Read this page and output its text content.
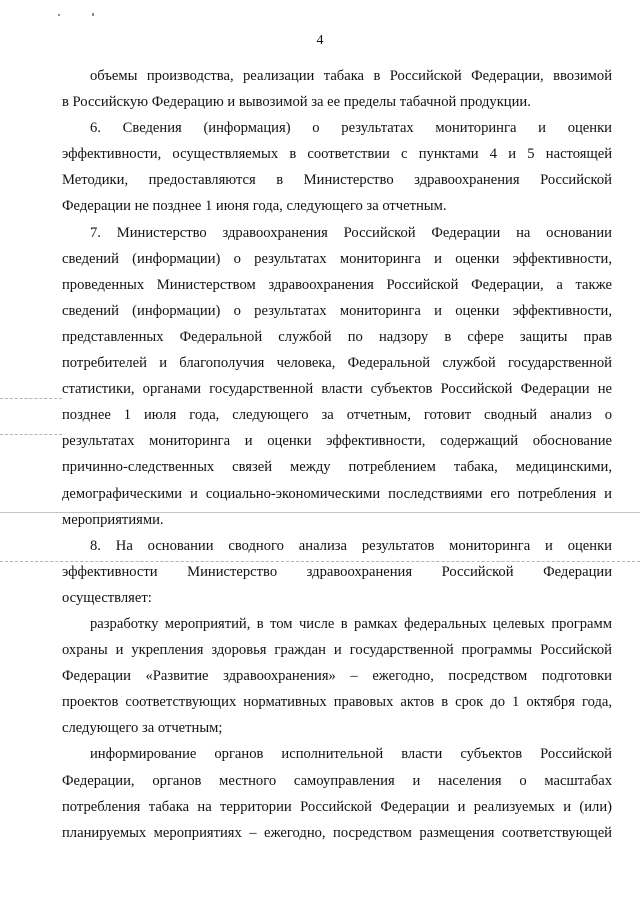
4
объемы производства, реализации табака в Российской Федерации, ввозимой
в Российскую Федерацию и вывозимой за ее пределы табачной продукции.
6. Сведения (информация) о результатах мониторинга и оценки
эффективности, осуществляемых в соответствии с пунктами 4 и 5 настоящей
Методики, предоставляются в Министерство здравоохранения Российской
Федерации не позднее 1 июня года, следующего за отчетным.
7. Министерство здравоохранения Российской Федерации на основании
сведений (информации) о результатах мониторинга и оценки эффективности,
проведенных Министерством здравоохранения Российской Федерации, а также
сведений (информации) о результатах мониторинга и оценки эффективности,
представленных Федеральной службой по надзору в сфере защиты прав
потребителей и благополучия человека, Федеральной службой государственной
статистики, органами государственной власти субъектов Российской Федерации не
позднее 1 июля года, следующего за отчетным, готовит сводный анализ о
результатах мониторинга и оценки эффективности, содержащий обоснование
причинно-следственных связей между потреблением табака, медицинскими,
демографическими и социально-экономическими последствиями его потребления и
мероприятиями.
8. На основании сводного анализа результатов мониторинга и оценки
эффективности Министерство здравоохранения Российской Федерации
осуществляет:
разработку мероприятий, в том числе в рамках федеральных целевых программ
охраны и укрепления здоровья граждан и государственной программы Российской
Федерации «Развитие здравоохранения» – ежегодно, посредством подготовки
проектов соответствующих нормативных правовых актов в срок до 1 октября года,
следующего за отчетным;
информирование органов исполнительной власти субъектов Российской
Федерации, органов местного самоуправления и населения о масштабах
потребления табака на территории Российской Федерации и реализуемых и (или)
планируемых мероприятиях – ежегодно, посредством размещения соответствующей
